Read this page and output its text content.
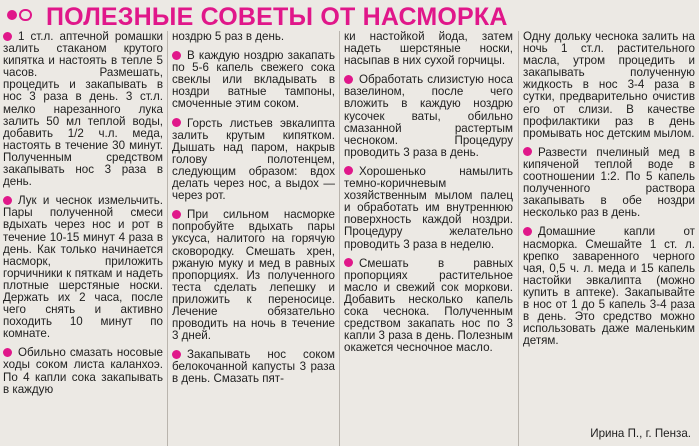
ПОЛЕЗНЫЕ СОВЕТЫ ОТ НАСМОРКА

1 ст.л. аптечной ромашки залить стаканом крутого кипятка и настоять в тепле 5 часов. Размешать, процедить и закапывать в нос 3 раза в день. 3 ст.л. мелко нарезанного лука залить 50 мл теплой воды, добавить 1/2 ч.л. меда, настоять в течение 30 минут. Полученным средством закапывать нос 3 раза в день.

Лук и чеснок измельчить. Пары полученной смеси вдыхать через нос и рот в течение 10-15 минут 4 раза в день. Как только начинается насморк, приложить горчичники к пяткам и надеть плотные шерстяные носки. Держать их 2 часа, после чего снять и активно походить 10 минут по комнате.

Обильно смазать носовые ходы соком листа каланхоэ. По 4 капли сока закапывать в каждую

ноздрю 5 раз в день.

В каждую ноздрю закапать по 5-6 капель свежего сока свеклы или вкладывать в ноздри ватные тампоны, смоченные этим соком.

Горсть листьев эвкалипта залить крутым кипятком. Дышать над паром, накрыв голову полотенцем, следующим образом: вдох делать через нос, а выдох — через рот.

При сильном насморке попробуйте вдыхать пары уксуса, налитого на горячую сковородку. Смешать хрен, ржаную муку и мед в равных пропорциях. Из полученного теста сделать лепешку и приложить к переносице. Лечение обязательно проводить на ночь в течение 3 дней.

Закапывать нос соком белокочанной капусты 3 раза в день. Смазать пят-

ки настойкой йода, затем надеть шерстяные носки, насыпав в них сухой горчицы.

Обработать слизистую носа вазелином, после чего вложить в каждую ноздрю кусочек ваты, обильно смазанной растертым чесноком. Процедуру проводить 3 раза в день.

Хорошенько намылить темно-коричневым хозяйственным мылом палец и обработать им внутреннюю поверхность каждой ноздри. Процедуру желательно проводить 3 раза в неделю.

Смешать в равных пропорциях растительное масло и свежий сок моркови. Добавить несколько капель сока чеснока. Полученным средством закапать нос по 3 капли 3 раза в день. Полезным окажется чесночное масло.

Одну дольку чеснока залить на ночь 1 ст.л. растительного масла, утром процедить и закапывать полученную жидкость в нос 3-4 раза в сутки, предварительно очистив его от слизи. В качестве профилактики раз в день промывать нос детским мылом.

Развести пчелиный мед в кипяченой теплой воде в соотношении 1:2. По 5 капель полученного раствора закапывать в обе ноздри несколько раз в день.

Домашние капли от насморка. Смешайте 1 ст. л. крепко заваренного черного чая, 0,5 ч. л. меда и 15 капель настойки эвкалипта (можно купить в аптеке). Закапывайте в нос от 1 до 5 капель 3-4 раза в день. Это средство можно использовать даже маленьким детям.

Ирина П., г. Пенза.
